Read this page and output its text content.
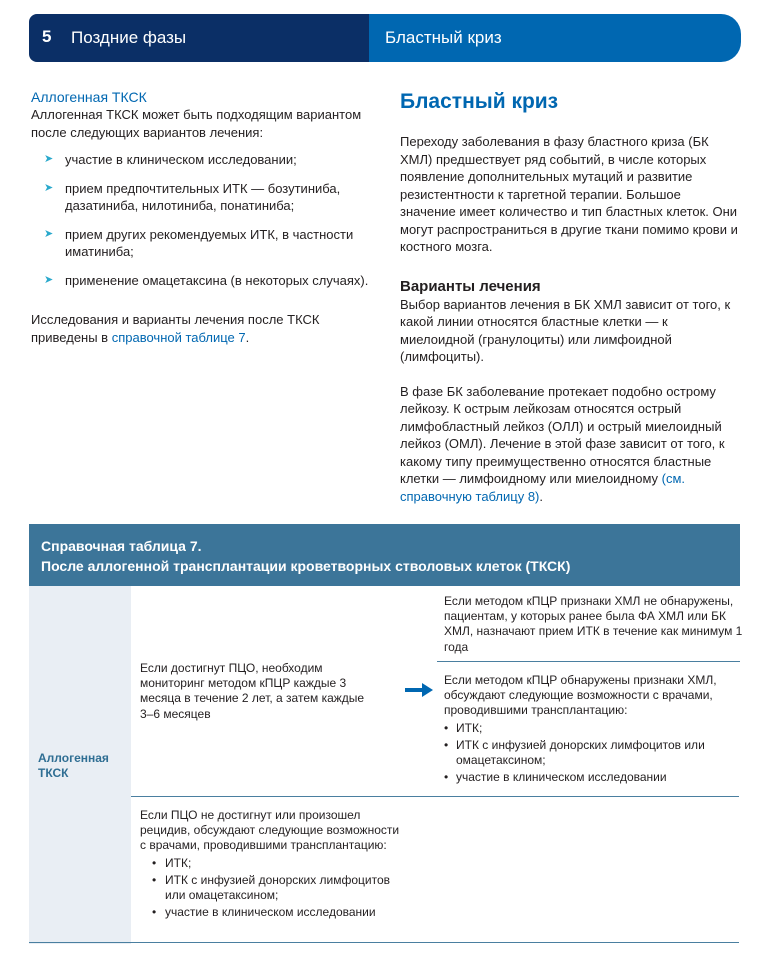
5 Поздние фазы	Бластный криз

Аллогенная ТКСК

Аллогенная ТКСК может быть подходящим вариантом после следующих вариантов лечения:

➤ участие в клиническом исследовании;
➤ прием предпочтительных ИТК — бозутиниба, дазатиниба, нилотиниба, понатиниба;
➤ прием других рекомендуемых ИТК, в частности иматиниба;
➤ применение омацетаксина (в некоторых случаях).

Исследования и варианты лечения после ТКСК приведены в справочной таблице 7.

Бластный криз

Переходу заболевания в фазу бластного криза (БК ХМЛ) предшествует ряд событий, в числе которых появление дополнительных мутаций и развитие резистентности к таргетной терапии. Большое значение имеет количество и тип бластных клеток. Они могут распространиться в другие ткани помимо крови и костного мозга.

Варианты лечения

Выбор вариантов лечения в БК ХМЛ зависит от того, к какой линии относятся бластные клетки — к миелоидной (гранулоциты) или лимфоидной (лимфоциты).

В фазе БК заболевание протекает подобно острому лейкозу. К острым лейкозам относятся острый лимфобластный лейкоз (ОЛЛ) и острый миелоидный лейкоз (ОМЛ). Лечение в этой фазе зависит от того, к какому типу преимущественно относятся бластные клетки — лимфоидному или миелоидному (см. справочную таблицу 8).

Справочная таблица 7.
После аллогенной трансплантации кроветворных стволовых клеток (ТКСК)
Аллогенная ТКСК

Если достигнут ПЦО, необходим мониторинг методом кПЦР каждые 3 месяца в течение 2 лет, а затем каждые 3–6 месяцев

Если методом кПЦР признаки ХМЛ не обнаружены, пациентам, у которых ранее была ФА ХМЛ или БК ХМЛ, назначают прием ИТК в течение как минимум 1 года

Если методом кПЦР обнаружены признаки ХМЛ, обсуждают следующие возможности с врачами, проводившими трансплантацию:

• ИТК;
• ИТК с инфузией донорских лимфоцитов или омацетаксином;
• участие в клиническом исследовании

Если ПЦО не достигнут или произошел рецидив, обсуждают следующие возможности с врачами, проводившими трансплантацию:

• ИТК;
• ИТК с инфузией донорских лимфоцитов или омацетаксином;
• участие в клиническом исследовании
